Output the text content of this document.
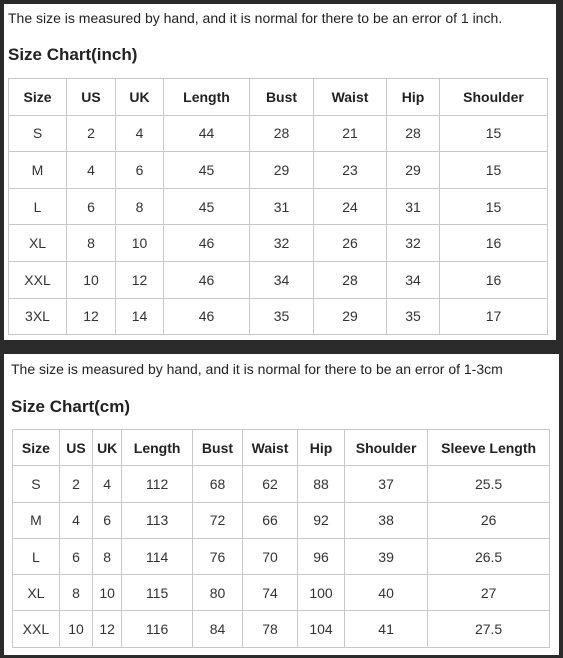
The size is measured by hand, and it is normal for there to be an error of 1 inch.
Size Chart(inch)
Size	US	UK	Length	Bust	Waist	Hip	Shoulder
S	2	4	44	28	21	28	15
M	4	6	45	29	23	29	15
L	6	8	45	31	24	31	15
XL	8	10	46	32	26	32	16
XXL	10	12	46	34	28	34	16
3XL	12	14	46	35	29	35	17
The size is measured by hand, and it is normal for there to be an error of 1-3cm
Size Chart(cm)
Size	US	UK	Length	Bust	Waist	Hip	Shoulder	Sleeve Length
S	2	4	112	68	62	88	37	25.5
M	4	6	113	72	66	92	38	26
L	6	8	114	76	70	96	39	26.5
XL	8	10	115	80	74	100	40	27
XXL	10	12	116	84	78	104	41	27.5
